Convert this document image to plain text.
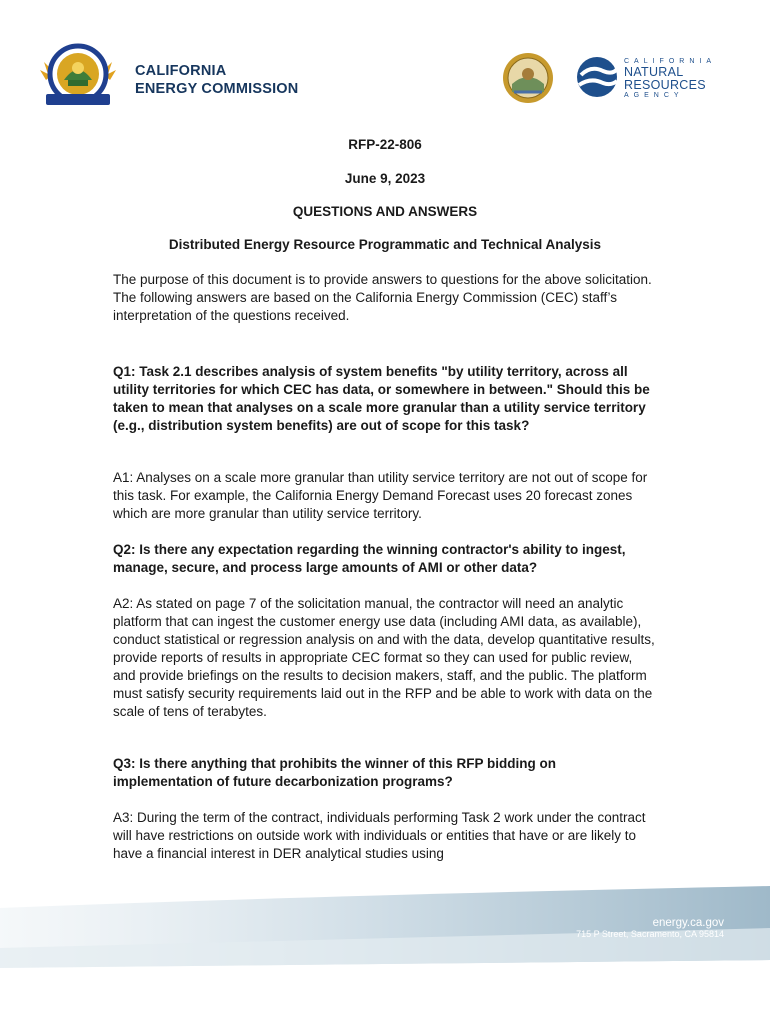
CALIFORNIA
ENERGY COMMISSION
CALIFORNIA
NATURAL
RESOURCES
AGENCY
RFP-22-806
June 9, 2023
QUESTIONS AND ANSWERS
Distributed Energy Resource Programmatic and Technical Analysis

The purpose of this document is to provide answers to questions for the above solicitation. The following answers are based on the California Energy Commission (CEC) staff’s interpretation of the questions received.

Q1: Task 2.1 describes analysis of system benefits "by utility territory, across all utility territories for which CEC has data, or somewhere in between." Should this be taken to mean that analyses on a scale more granular than a utility service territory (e.g., distribution system benefits) are out of scope for this task?

A1: Analyses on a scale more granular than utility service territory are not out of scope for this task. For example, the California Energy Demand Forecast uses 20 forecast zones which are more granular than utility service territory.

Q2: Is there any expectation regarding the winning contractor's ability to ingest, manage, secure, and process large amounts of AMI or other data?

A2: As stated on page 7 of the solicitation manual, the contractor will need an analytic platform that can ingest the customer energy use data (including AMI data, as available), conduct statistical or regression analysis on and with the data, develop quantitative results, provide reports of results in appropriate CEC format so they can used for public review, and provide briefings on the results to decision makers, staff, and the public. The platform must satisfy security requirements laid out in the RFP and be able to work with data on the scale of tens of terabytes.

Q3: Is there anything that prohibits the winner of this RFP bidding on implementation of future decarbonization programs?

A3: During the term of the contract, individuals performing Task 2 work under the contract will have restrictions on outside work with individuals or entities that have or are likely to have a financial interest in DER analytical studies using

energy.ca.gov
715 P Street, Sacramento, CA 95814
